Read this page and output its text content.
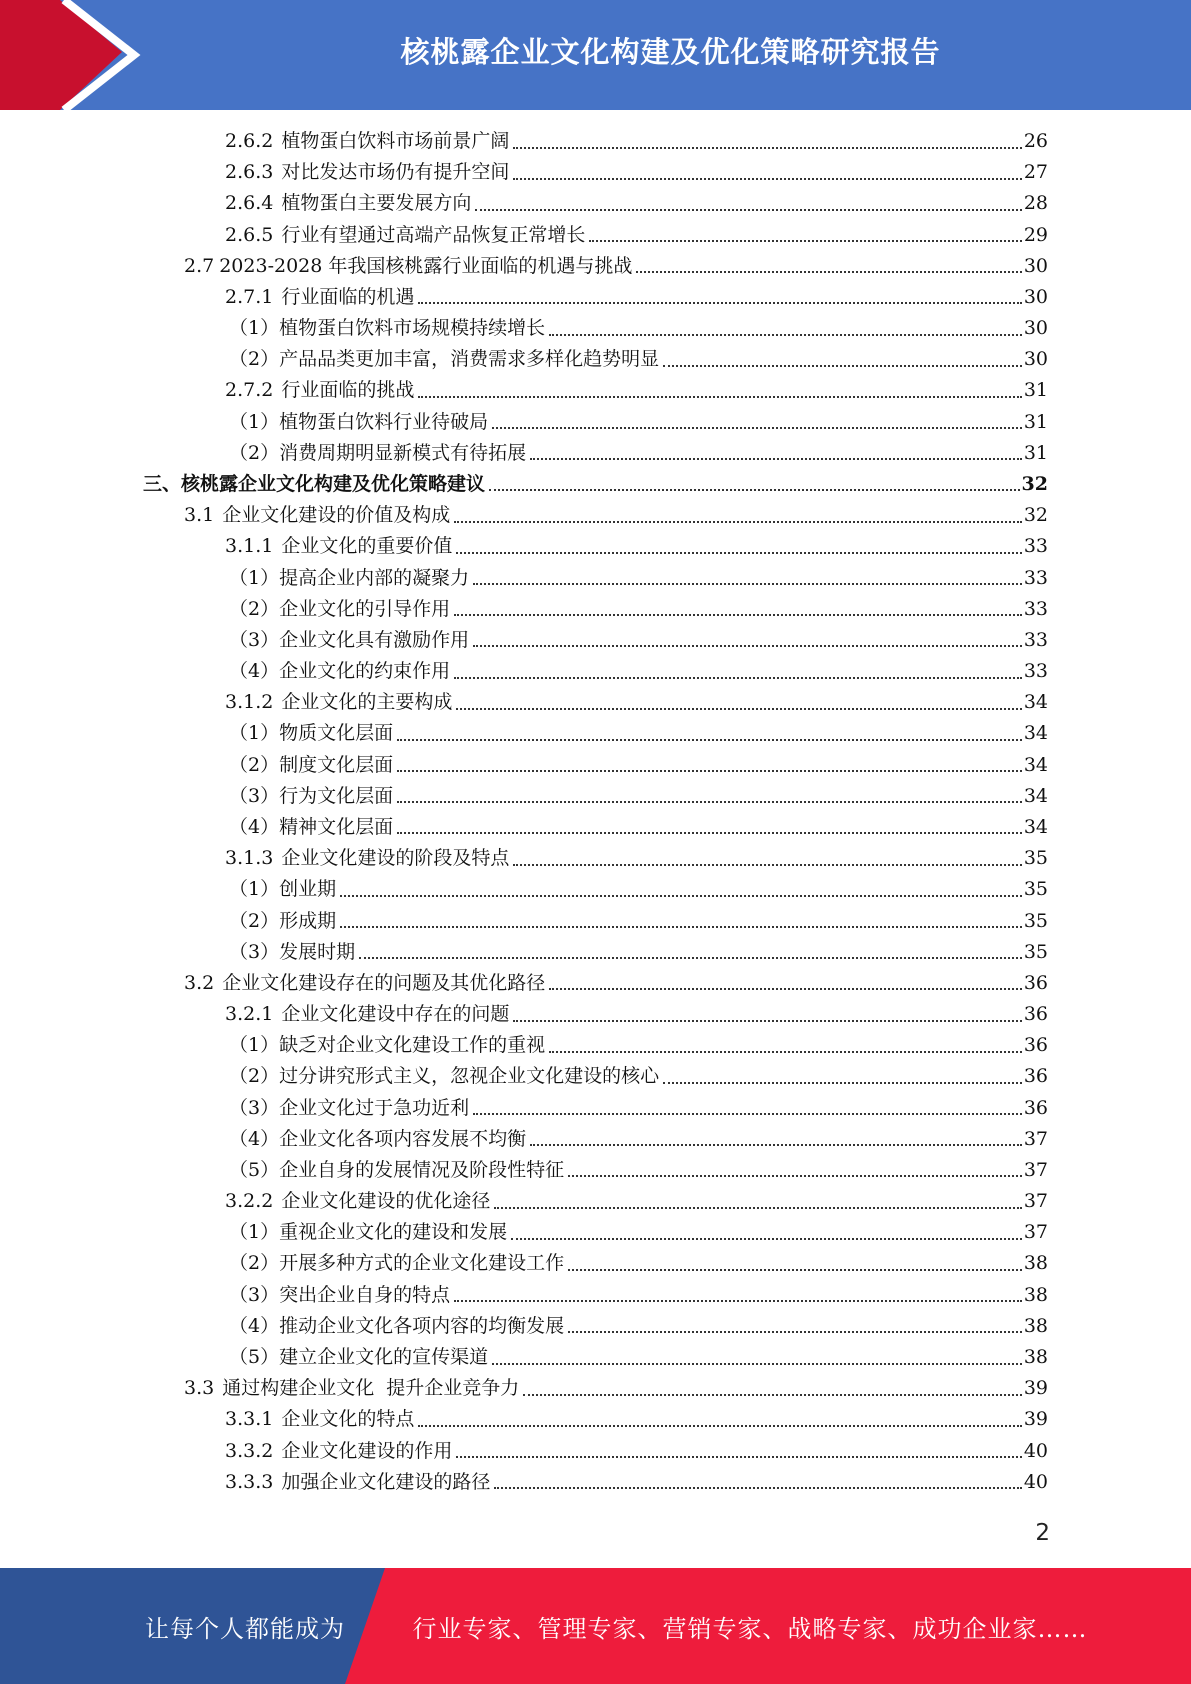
核桃露企业文化构建及优化策略研究报告
2.6.2 植物蛋白饮料市场前景广阔	26
2.6.3 对比发达市场仍有提升空间	27
2.6.4 植物蛋白主要发展方向	28
2.6.5 行业有望通过高端产品恢复正常增长	29
2.7 2023-2028 年我国核桃露行业面临的机遇与挑战	30
2.7.1 行业面临的机遇	30
（1）植物蛋白饮料市场规模持续增长	30
（2）产品品类更加丰富，消费需求多样化趋势明显	30
2.7.2 行业面临的挑战	31
（1）植物蛋白饮料行业待破局	31
（2）消费周期明显新模式有待拓展	31
三、核桃露企业文化构建及优化策略建议	32
3.1 企业文化建设的价值及构成	32
3.1.1 企业文化的重要价值	33
（1）提高企业内部的凝聚力	33
（2）企业文化的引导作用	33
（3）企业文化具有激励作用	33
（4）企业文化的约束作用	33
3.1.2 企业文化的主要构成	34
（1）物质文化层面	34
（2）制度文化层面	34
（3）行为文化层面	34
（4）精神文化层面	34
3.1.3 企业文化建设的阶段及特点	35
（1）创业期	35
（2）形成期	35
（3）发展时期	35
3.2 企业文化建设存在的问题及其优化路径	36
3.2.1 企业文化建设中存在的问题	36
（1）缺乏对企业文化建设工作的重视	36
（2）过分讲究形式主义，忽视企业文化建设的核心	36
（3）企业文化过于急功近利	36
（4）企业文化各项内容发展不均衡	37
（5）企业自身的发展情况及阶段性特征	37
3.2.2 企业文化建设的优化途径	37
（1）重视企业文化的建设和发展	37
（2）开展多种方式的企业文化建设工作	38
（3）突出企业自身的特点	38
（4）推动企业文化各项内容的均衡发展	38
（5）建立企业文化的宣传渠道	38
3.3 通过构建企业文化  提升企业竞争力	39
3.3.1 企业文化的特点	39
3.3.2 企业文化建设的作用	40
3.3.3 加强企业文化建设的路径	40
2
让每个人都能成为	行业专家、管理专家、营销专家、战略专家、成功企业家……
